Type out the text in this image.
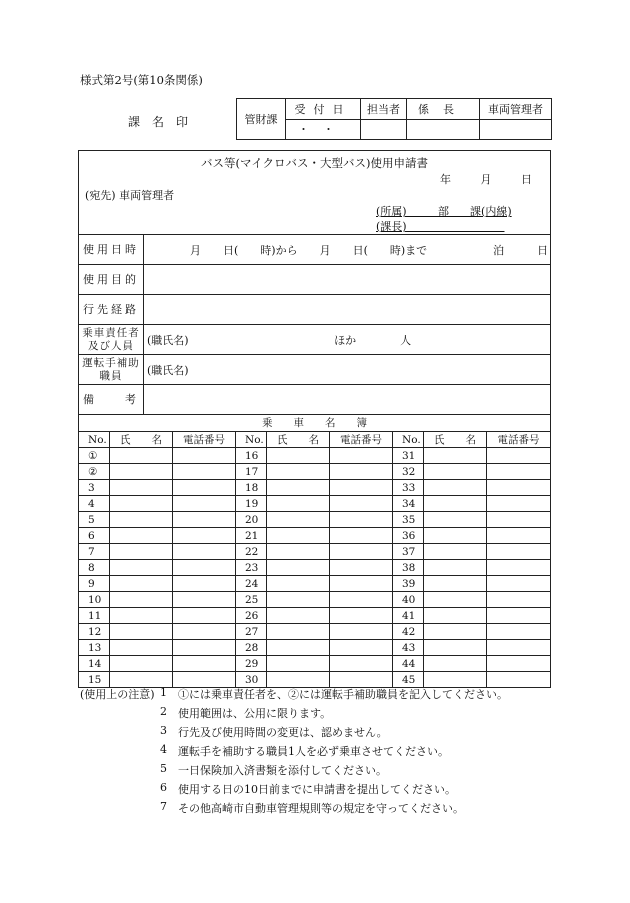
様式第2号(第10条関係)
課名印	管財課	受付日	担当者	係長	車両管理者
	・・			
バス等(マイクロバス・大型バス)使用申請書
年 月 日
(宛先) 車両管理者
(所属)         部      課(内線)
(課長)
使用日時	月　　日(　　時)から　　月　　日(　　時)まで　　　　　　泊　　　日
使用目的	
行先経路	
乗車責任者及び人員	(職氏名) ほか　　　　人
運転手補助職員	(職氏名)
備　　考	
乗　　車　　名　　簿								
No.	氏　　名	電話番号	No.	氏　　名	電話番号	No.	氏　　名	電話番号
①			16			31		
②			17			32		
3			18			33		
4			19			34		
5			20			35		
6			21			36		
7			22			37		
8			23			38		
9			24			39		
10			25			40		
11			26			41		
12			27			42		
13			28			43		
14			29			44		
15			30			45		
(使用上の注意) 1 ①には乗車責任者を、②には運転手補助職員を記入してください。
2 使用範囲は、公用に限ります。
3 行先及び使用時間の変更は、認めません。
4 運転手を補助する職員1人を必ず乗車させてください。
5 一日保険加入済書類を添付してください。
6 使用する日の10日前までに申請書を提出してください。
7 その他高崎市自動車管理規則等の規定を守ってください。
